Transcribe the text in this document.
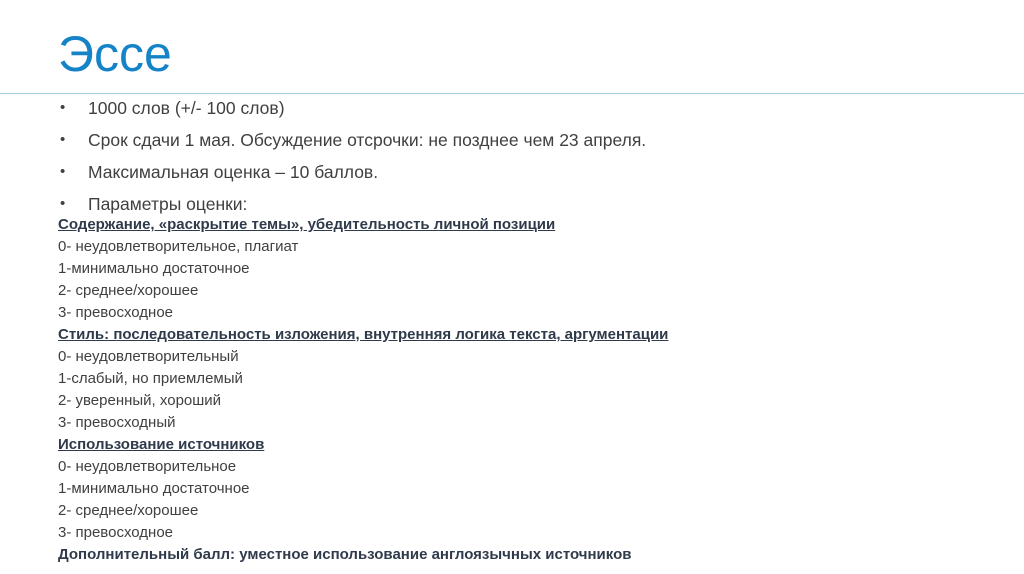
Эссе
• 1000 слов (+/- 100 слов)
• Срок сдачи 1 мая. Обсуждение отсрочки: не позднее чем 23 апреля.
• Максимальная оценка – 10 баллов.
• Параметры оценки:
Содержание, «раскрытие темы», убедительность личной позиции
0- неудовлетворительное, плагиат
1-минимально достаточное
2- среднее/хорошее
3- превосходное
Стиль: последовательность изложения, внутренняя логика текста, аргументации
0- неудовлетворительный
1-слабый, но приемлемый
2- уверенный, хороший
3- превосходный
Использование источников
0- неудовлетворительное
1-минимально достаточное
2- среднее/хорошее
3- превосходное
Дополнительный балл: уместное использование англоязычных источников
